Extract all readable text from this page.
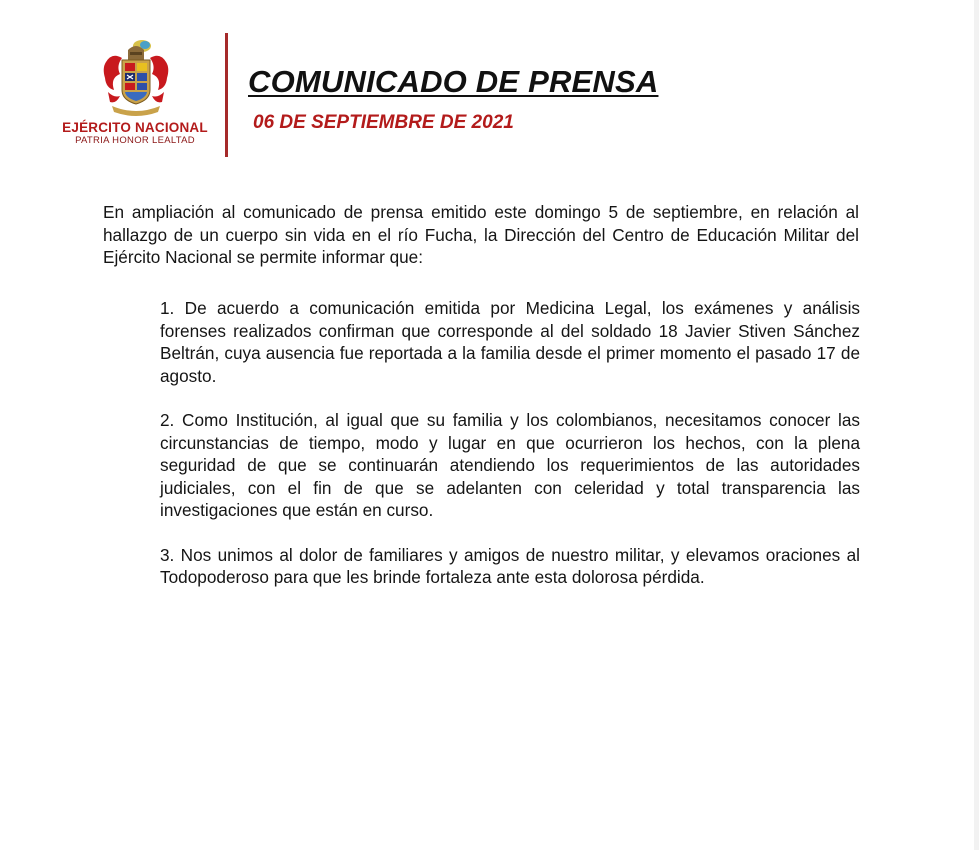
EJÉRCITO NACIONAL
PATRIA HONOR LEALTAD
COMUNICADO DE PRENSA
06 DE SEPTIEMBRE DE 2021

En ampliación al comunicado de prensa emitido este domingo 5 de septiembre, en relación al hallazgo de un cuerpo sin vida en el río Fucha, la Dirección del Centro de Educación Militar del Ejército Nacional se permite informar que:

1. De acuerdo a comunicación emitida por Medicina Legal, los exámenes y análisis forenses realizados confirman que corresponde al del soldado 18 Javier Stiven Sánchez Beltrán, cuya ausencia fue reportada a la familia desde el primer momento el pasado 17 de agosto.

2. Como Institución, al igual que su familia y los colombianos, necesitamos conocer las circunstancias de tiempo, modo y lugar en que ocurrieron los hechos, con la plena seguridad de que se continuarán atendiendo los requerimientos de las autoridades judiciales, con el fin de que se adelanten con celeridad y total transparencia las investigaciones que están en curso.

3. Nos unimos al dolor de familiares y amigos de nuestro militar, y elevamos oraciones al Todopoderoso para que les brinde fortaleza ante esta dolorosa pérdida.
